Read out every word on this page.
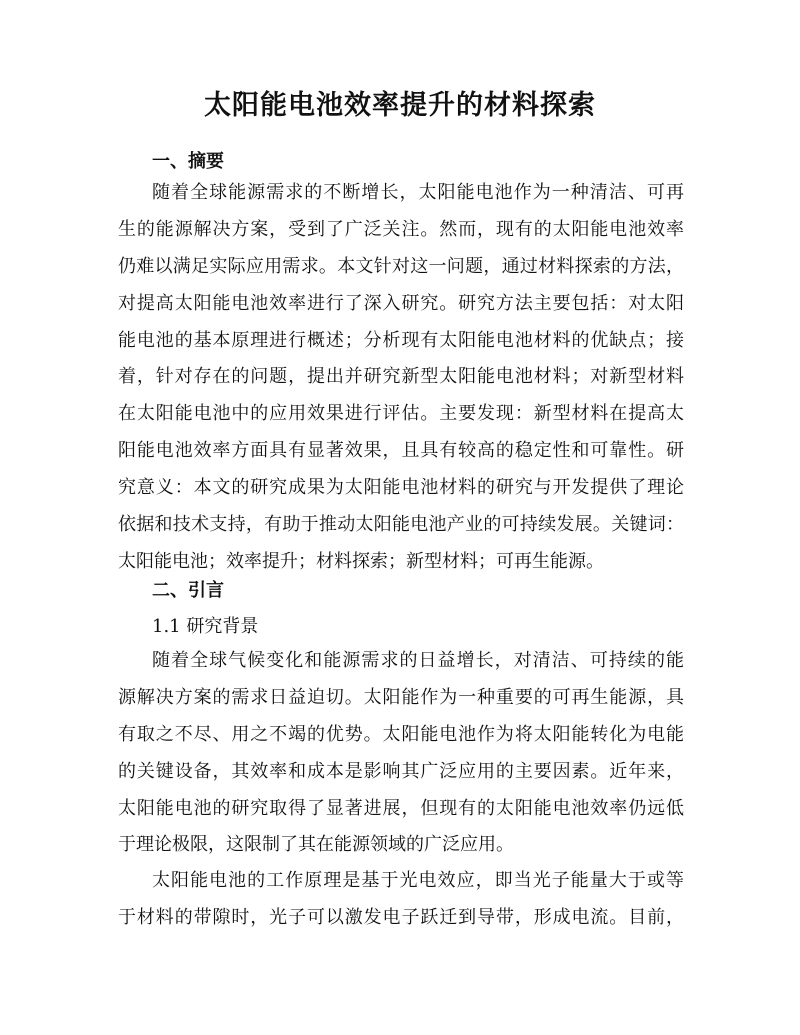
太阳能电池效率提升的材料探索
一、摘要
随着全球能源需求的不断增长，太阳能电池作为一种清洁、可再
生的能源解决方案，受到了广泛关注。然而，现有的太阳能电池效率
仍难以满足实际应用需求。本文针对这一问题，通过材料探索的方法，
对提高太阳能电池效率进行了深入研究。研究方法主要包括：对太阳
能电池的基本原理进行概述；分析现有太阳能电池材料的优缺点；接
着，针对存在的问题，提出并研究新型太阳能电池材料；对新型材料
在太阳能电池中的应用效果进行评估。主要发现：新型材料在提高太
阳能电池效率方面具有显著效果，且具有较高的稳定性和可靠性。研
究意义：本文的研究成果为太阳能电池材料的研究与开发提供了理论
依据和技术支持，有助于推动太阳能电池产业的可持续发展。关键词：
太阳能电池；效率提升；材料探索；新型材料；可再生能源。
二、引言
1.1 研究背景
随着全球气候变化和能源需求的日益增长，对清洁、可持续的能
源解决方案的需求日益迫切。太阳能作为一种重要的可再生能源，具
有取之不尽、用之不竭的优势。太阳能电池作为将太阳能转化为电能
的关键设备，其效率和成本是影响其广泛应用的主要因素。近年来，
太阳能电池的研究取得了显著进展，但现有的太阳能电池效率仍远低
于理论极限，这限制了其在能源领域的广泛应用。
太阳能电池的工作原理是基于光电效应，即当光子能量大于或等
于材料的带隙时，光子可以激发电子跃迁到导带，形成电流。目前，
